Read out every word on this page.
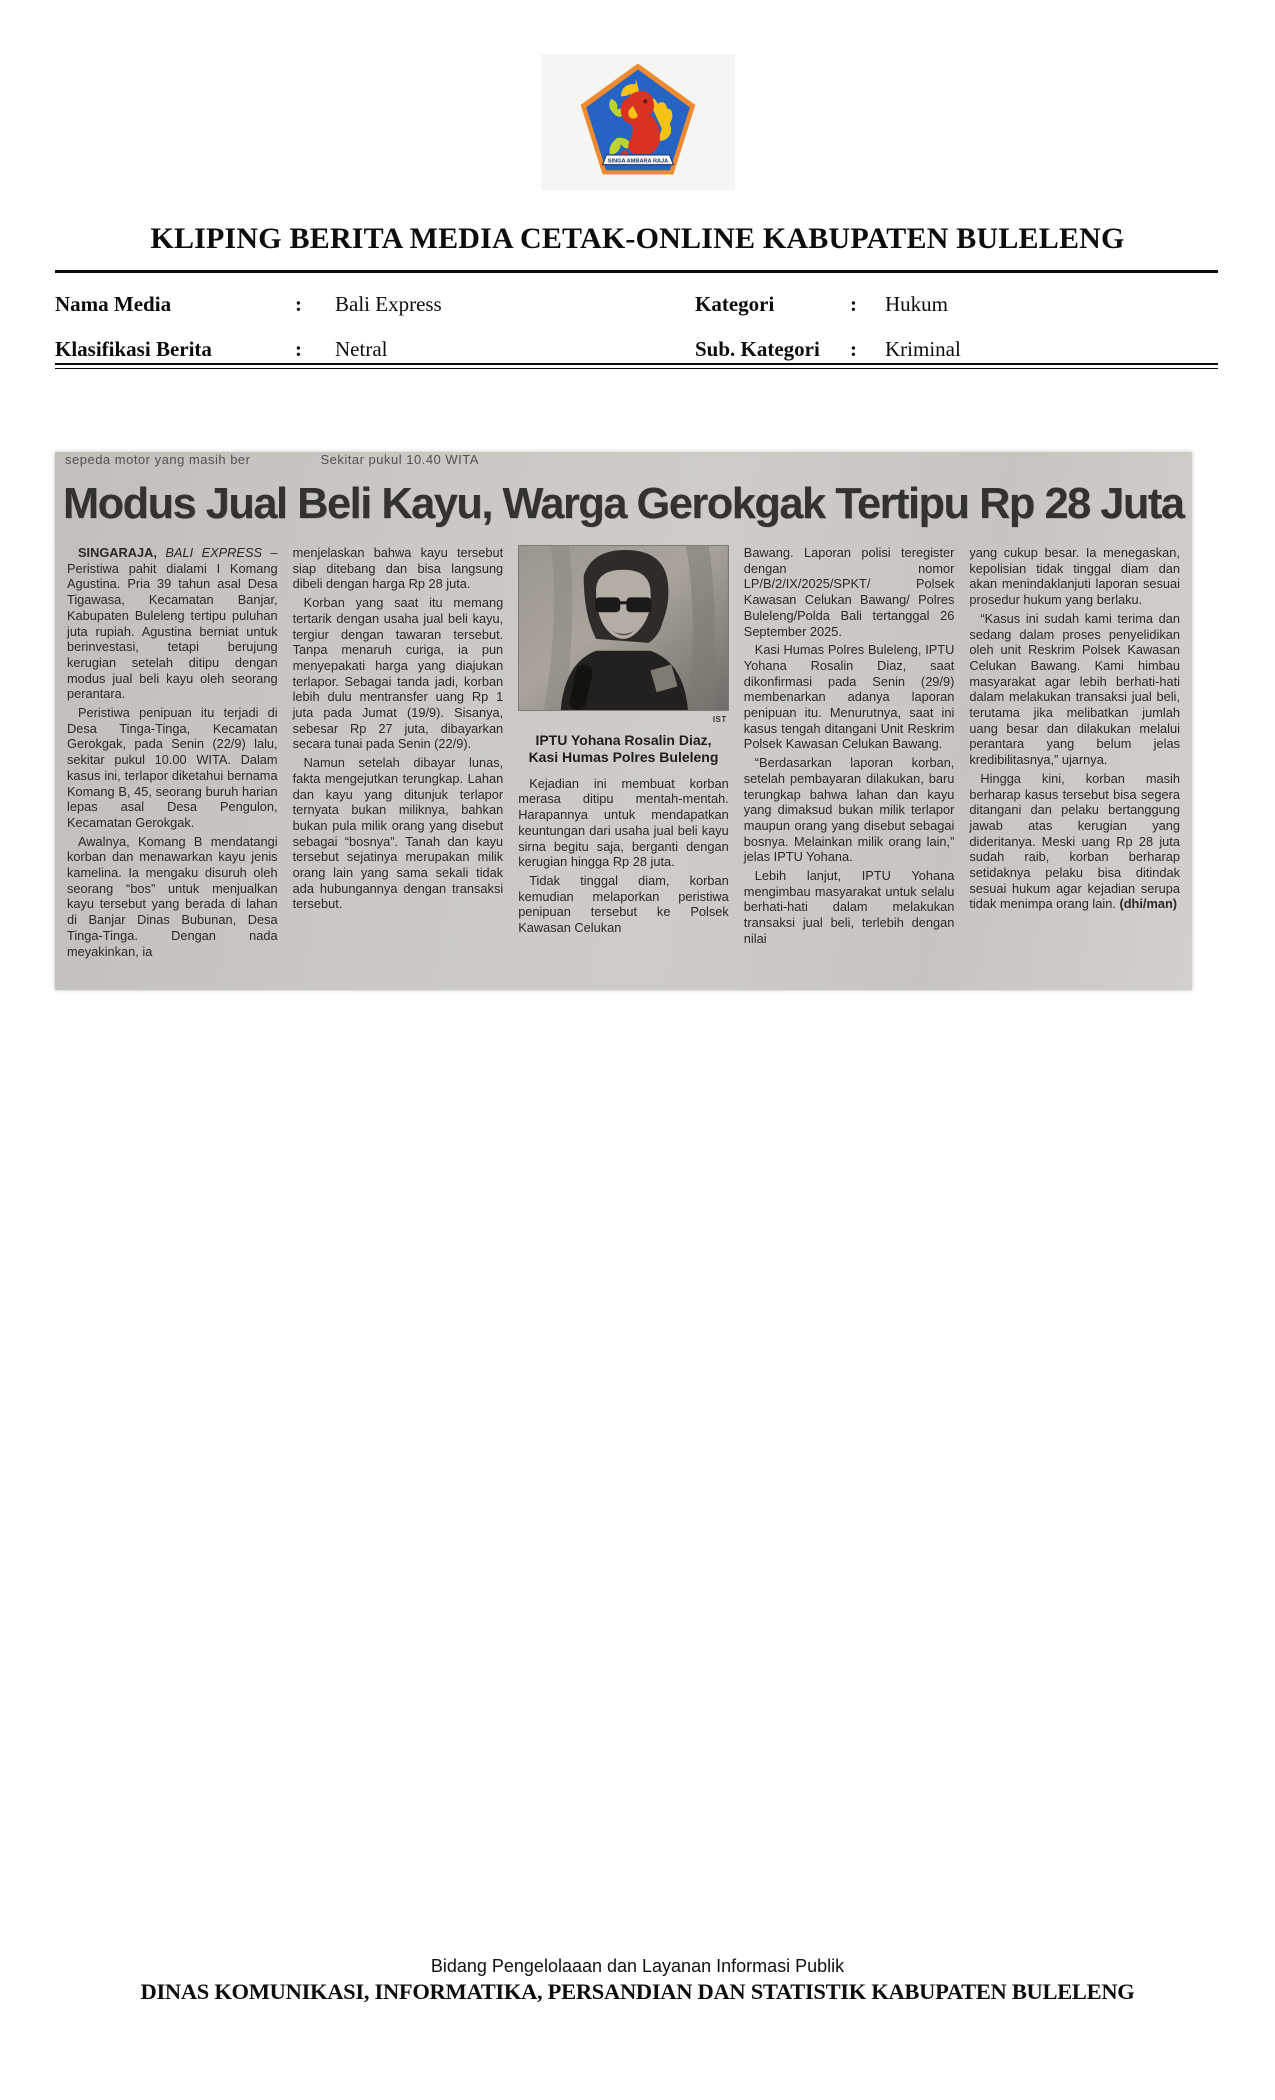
SINGA AMBARA RAJA
KLIPING BERITA MEDIA CETAK-ONLINE KABUPATEN BULELENG
Nama Media	:	Bali Express	Kategori	:	Hukum
Klasifikasi Berita	:	Netral	Sub. Kategori	:	Kriminal
sepeda motor yang masih ber	Sekitar pukul 10.40 WITA
Modus Jual Beli Kayu, Warga Gerokgak Tertipu Rp 28 Juta

SINGARAJA, BALI EXPRESS – Peristiwa pahit dialami I Komang Agustina. Pria 39 tahun asal Desa Tigawasa, Kecamatan Banjar, Kabupaten Buleleng tertipu puluhan juta rupiah. Agustina berniat untuk berinvestasi, tetapi berujung kerugian setelah ditipu dengan modus jual beli kayu oleh seorang perantara.

Peristiwa penipuan itu terjadi di Desa Tinga-Tinga, Kecamatan Gerokgak, pada Senin (22/9) lalu, sekitar pukul 10.00 WITA. Dalam kasus ini, terlapor diketahui bernama Komang B, 45, seorang buruh harian lepas asal Desa Pengulon, Kecamatan Gerokgak.

Awalnya, Komang B mendatangi korban dan menawarkan kayu jenis kamelina. Ia mengaku disuruh oleh seorang “bos” untuk menjualkan kayu tersebut yang berada di lahan di Banjar Dinas Bubunan, Desa Tinga-Tinga. Dengan nada meyakinkan, ia

menjelaskan bahwa kayu tersebut siap ditebang dan bisa langsung dibeli dengan harga Rp 28 juta.

Korban yang saat itu memang tertarik dengan usaha jual beli kayu, tergiur dengan tawaran tersebut. Tanpa menaruh curiga, ia pun menyepakati harga yang diajukan terlapor. Sebagai tanda jadi, korban lebih dulu mentransfer uang Rp 1 juta pada Jumat (19/9). Sisanya, sebesar Rp 27 juta, dibayarkan secara tunai pada Senin (22/9).

Namun setelah dibayar lunas, fakta mengejutkan terungkap. Lahan dan kayu yang ditunjuk terlapor ternyata bukan miliknya, bahkan bukan pula milik orang yang disebut sebagai “bosnya”. Tanah dan kayu tersebut sejatinya merupakan milik orang lain yang sama sekali tidak ada hubungannya dengan transaksi tersebut.

IST
IPTU Yohana Rosalin Diaz,
Kasi Humas Polres Buleleng

Kejadian ini membuat korban merasa ditipu mentah-mentah. Harapannya untuk mendapatkan keuntungan dari usaha jual beli kayu sirna begitu saja, berganti dengan kerugian hingga Rp 28 juta.

Tidak tinggal diam, korban kemudian melaporkan peristiwa penipuan tersebut ke Polsek Kawasan Celukan

Bawang. Laporan polisi teregister dengan nomor LP/B/2/IX/2025/SPKT/ Polsek Kawasan Celukan Bawang/ Polres Buleleng/Polda Bali tertanggal 26 September 2025.

Kasi Humas Polres Buleleng, IPTU Yohana Rosalin Diaz, saat dikonfirmasi pada Senin (29/9) membenarkan adanya laporan penipuan itu. Menurutnya, saat ini kasus tengah ditangani Unit Reskrim Polsek Kawasan Celukan Bawang.

“Berdasarkan laporan korban, setelah pembayaran dilakukan, baru terungkap bahwa lahan dan kayu yang dimaksud bukan milik terlapor maupun orang yang disebut sebagai bosnya. Melainkan milik orang lain,” jelas IPTU Yohana.

Lebih lanjut, IPTU Yohana mengimbau masyarakat untuk selalu berhati-hati dalam melakukan transaksi jual beli, terlebih dengan nilai

yang cukup besar. Ia menegaskan, kepolisian tidak tinggal diam dan akan menindaklanjuti laporan sesuai prosedur hukum yang berlaku.

“Kasus ini sudah kami terima dan sedang dalam proses penyelidikan oleh unit Reskrim Polsek Kawasan Celukan Bawang. Kami himbau masyarakat agar lebih berhati-hati dalam melakukan transaksi jual beli, terutama jika melibatkan jumlah uang besar dan dilakukan melalui perantara yang belum jelas kredibilitasnya,” ujarnya.

Hingga kini, korban masih berharap kasus tersebut bisa segera ditangani dan pelaku bertanggung jawab atas kerugian yang dideritanya. Meski uang Rp 28 juta sudah raib, korban berharap setidaknya pelaku bisa ditindak sesuai hukum agar kejadian serupa tidak menimpa orang lain. (dhi/man)

Bidang Pengelolaaan dan Layanan Informasi Publik
DINAS KOMUNIKASI, INFORMATIKA, PERSANDIAN DAN STATISTIK KABUPATEN BULELENG
